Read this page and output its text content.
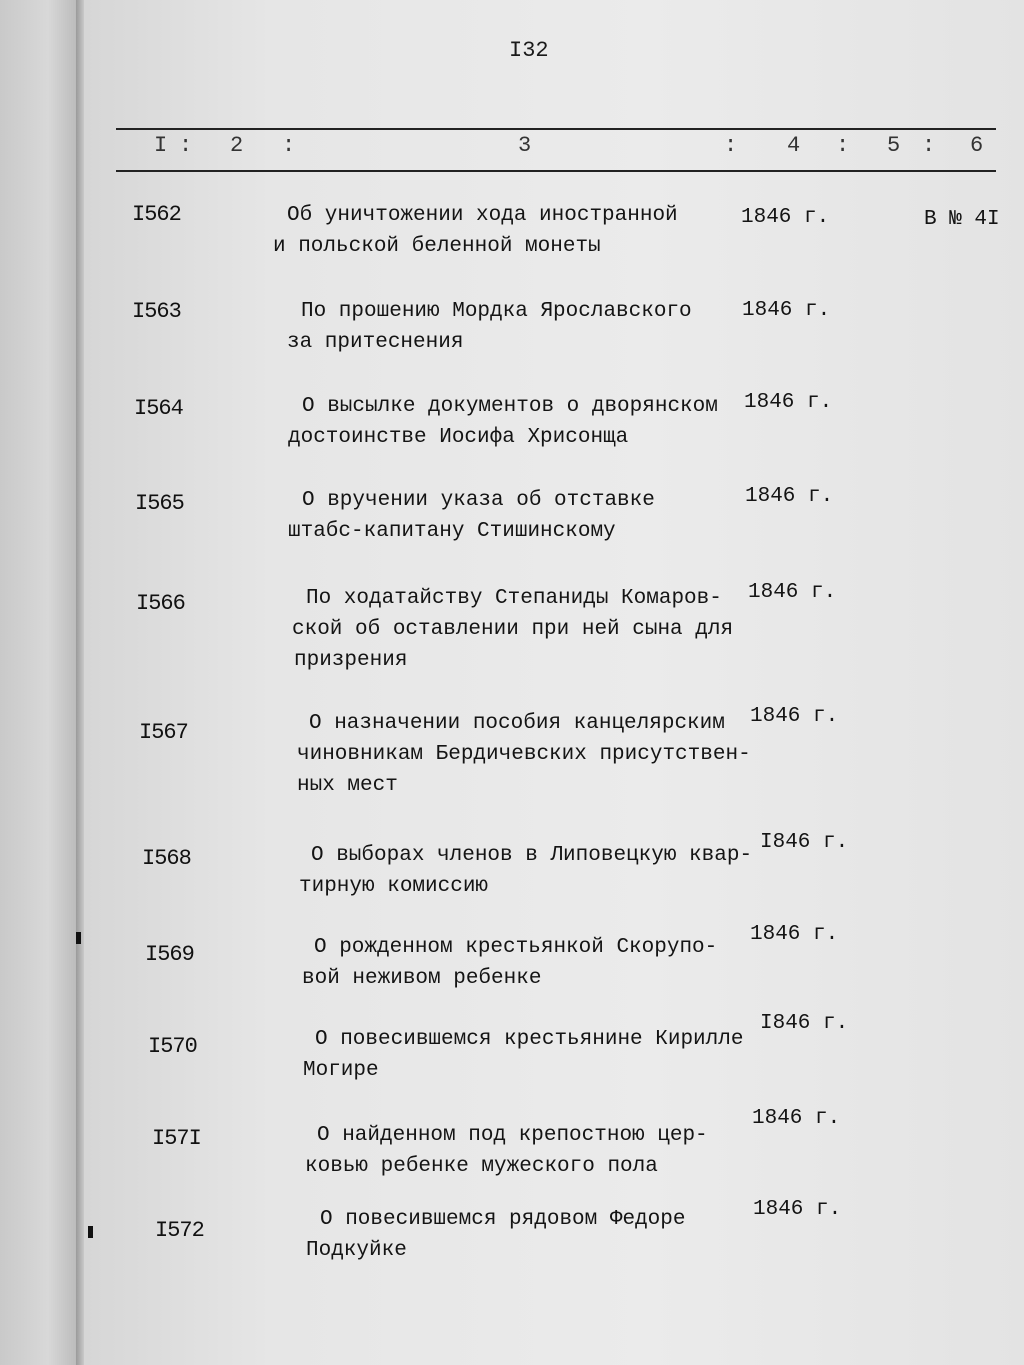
I32
I : 2 :	3	: 4 : 5 : 6
I562	Об уничтожении хода иностранной
и польской беленной монеты
1846 г.	В № 4I
I563	По прошению Мордка Ярославского
за притеснения
1846 г.
I564	О высылке документов о дворянском
достоинстве Иосифа Хрисонща
1846 г.
I565	О вручении указа об отставке
штабс-капитану Стишинскому
1846 г.
I566	По ходатайству Степаниды Комаров-
ской об оставлении при ней сына для
призрения
1846 г.
I567	О назначении пособия канцелярским
чиновникам Бердичевских присутствен-
ных мест
1846 г.
I568	О выборах членов в Липовецкую квар-
тирную комиссию
I846 г.
I569	О рожденном крестьянкой Скорупо-
вой неживом ребенке
1846 г.
I570	О повесившемся крестьянине Кирилле
Могире
I846 г.
I57I	О найденном под крепостною цер-
ковью ребенке мужеского пола
1846 г.
I572	О повесившемся рядовом Федоре
Подкуйке
1846 г.
